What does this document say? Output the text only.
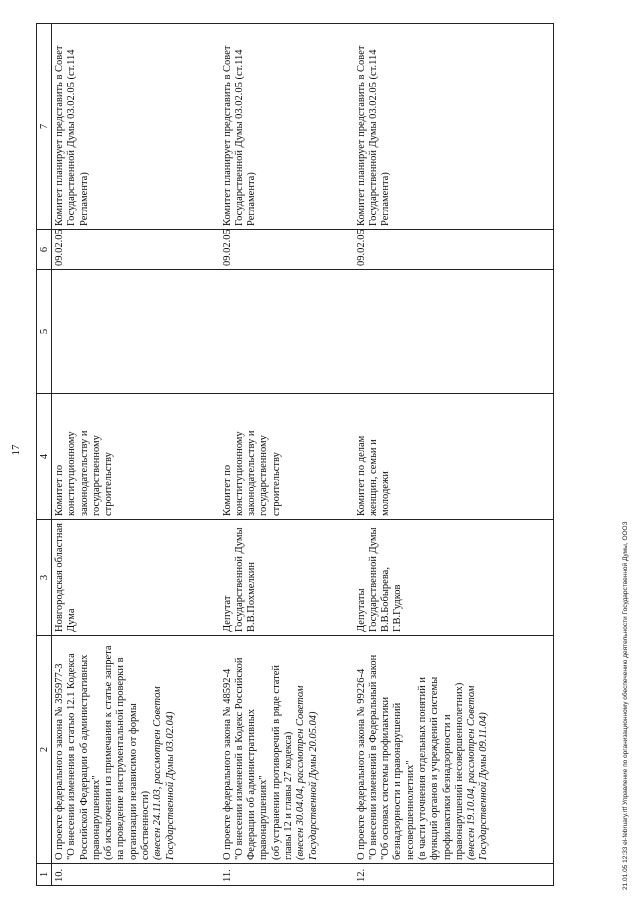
17
1	2	3	4	5	6	7
10.	О проекте федерального закона № 395977-3 "О внесении изменения в статью 12.1 Кодекса Российской Федерации об административных правонарушениях" (об исключении из примечания к статье запрета на проведение инструментальной проверки в организации независимо от формы собственности) (внесен 24.11.03, рассмотрен Советом Государственной Думы 03.02.04)	Новгородская областная Дума	Комитет по конституционному законодательству и государственному строительству		09.02.05	Комитет планирует представить в Совет Государственной Думы 03.02.05 (ст.114 Регламента)
11.	О проекте федерального закона № 48592-4 "О внесении изменений в Кодекс Российской Федерации об административных правонарушениях" (об устранении противоречий в ряде статей главы 12 и главы 27 кодекса) (внесен 30.04.04, рассмотрен Советом Государственной Думы 20.05.04)	Депутат Государственной Думы В.В.Похмелкин	Комитет по конституционному законодательству и государственному строительству		09.02.05	Комитет планирует представить в Совет Государственной Думы 03.02.05 (ст.114 Регламента)
12.	О проекте федерального закона № 99226-4 "О внесении изменений в Федеральный закон "Об основах системы профилактики безнадзорности и правонарушений несовершеннолетних" (в части уточнения отдельных понятий и функций органов и учреждений системы профилактики безнадзорности и правонарушений несовершеннолетних) (внесен 19.10.04, рассмотрен Советом Государственной Думы 09.11.04)	Депутаты Государственной Думы В.В.Бобырева, Г.В.Гудков	Комитет по делам женщин, семьи и молодежи		09.02.05	Комитет планирует представить в Совет Государственной Думы 03.02.05 (ст.114 Регламента)
21.01.05 12:33 el-february.rtf Управление по организационному обеспечению деятельности Государственной Думы, ОООЗ
